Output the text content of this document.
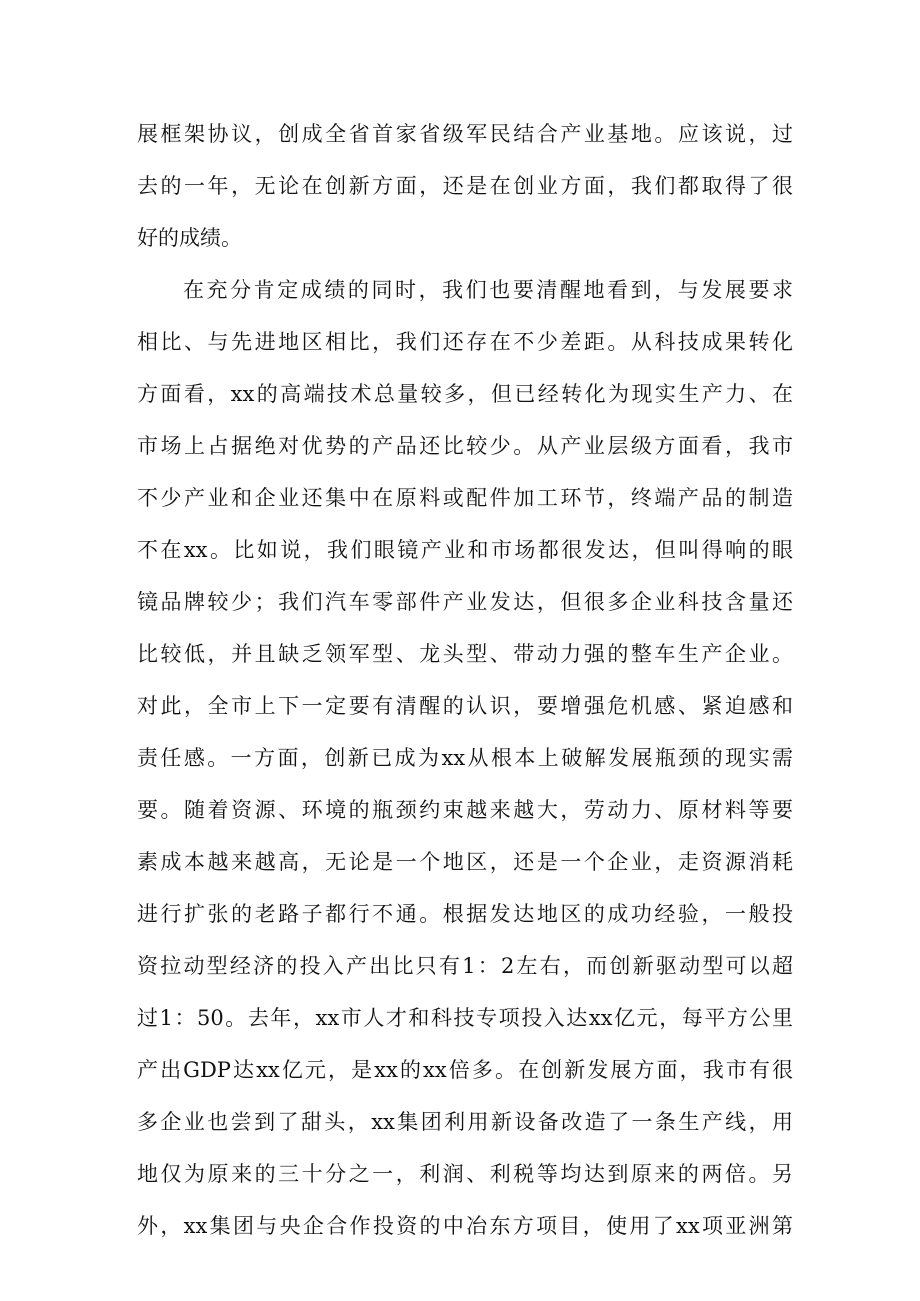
展框架协议，创成全省首家省级军民结合产业基地。应该说，过
去的一年，无论在创新方面，还是在创业方面，我们都取得了很
好的成绩。
在充分肯定成绩的同时，我们也要清醒地看到，与发展要求
相比、与先进地区相比，我们还存在不少差距。从科技成果转化
方面看，xx的高端技术总量较多，但已经转化为现实生产力、在
市场上占据绝对优势的产品还比较少。从产业层级方面看，我市
不少产业和企业还集中在原料或配件加工环节，终端产品的制造
不在xx。比如说，我们眼镜产业和市场都很发达，但叫得响的眼
镜品牌较少；我们汽车零部件产业发达，但很多企业科技含量还
比较低，并且缺乏领军型、龙头型、带动力强的整车生产企业。
对此，全市上下一定要有清醒的认识，要增强危机感、紧迫感和
责任感。一方面，创新已成为xx从根本上破解发展瓶颈的现实需
要。随着资源、环境的瓶颈约束越来越大，劳动力、原材料等要
素成本越来越高，无论是一个地区，还是一个企业，走资源消耗
进行扩张的老路子都行不通。根据发达地区的成功经验，一般投
资拉动型经济的投入产出比只有1：2左右，而创新驱动型可以超
过1：50。去年，xx市人才和科技专项投入达xx亿元，每平方公里
产出GDP达xx亿元，是xx的xx倍多。在创新发展方面，我市有很
多企业也尝到了甜头，xx集团利用新设备改造了一条生产线，用
地仅为原来的三十分之一，利润、利税等均达到原来的两倍。另
外，xx集团与央企合作投资的中冶东方项目，使用了xx项亚洲第
